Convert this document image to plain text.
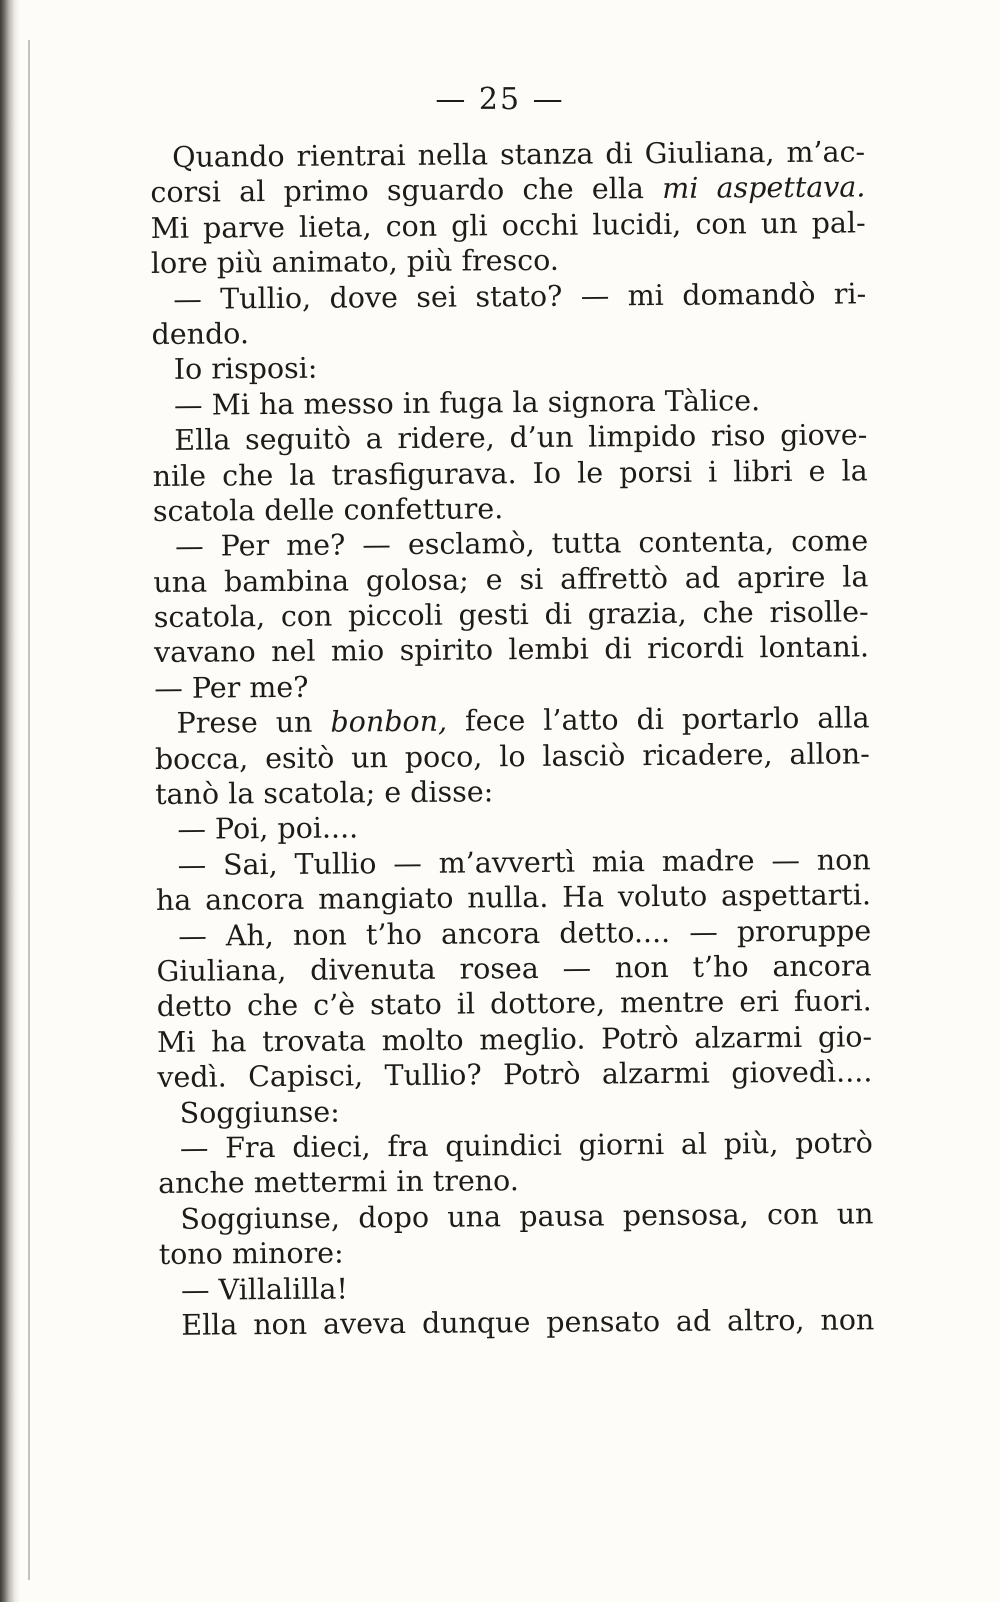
— 25 —
Quando rientrai nella stanza di Giuliana, m’ac-
corsi al primo sguardo che ella mi aspettava.
Mi parve lieta, con gli occhi lucidi, con un pal-
lore più animato, più fresco.
— Tullio, dove sei stato? — mi domandò ri-
dendo.
Io risposi:
— Mi ha messo in fuga la signora Tàlice.
Ella seguitò a ridere, d’un limpido riso giove-
nile che la trasfigurava. Io le porsi i libri e la
scatola delle confetture.
— Per me? — esclamò, tutta contenta, come
una bambina golosa; e si affrettò ad aprire la
scatola, con piccoli gesti di grazia, che risolle-
vavano nel mio spirito lembi di ricordi lontani.
— Per me?
Prese un bonbon, fece l’atto di portarlo alla
bocca, esitò un poco, lo lasciò ricadere, allon-
tanò la scatola; e disse:
— Poi, poi....
— Sai, Tullio — m’avvertì mia madre — non
ha ancora mangiato nulla. Ha voluto aspettarti.
— Ah, non t’ho ancora detto.... — proruppe
Giuliana, divenuta rosea — non t’ho ancora
detto che c’è stato il dottore, mentre eri fuori.
Mi ha trovata molto meglio. Potrò alzarmi gio-
vedì. Capisci, Tullio? Potrò alzarmi giovedì....
Soggiunse:
— Fra dieci, fra quindici giorni al più, potrò
anche mettermi in treno.
Soggiunse, dopo una pausa pensosa, con un
tono minore:
— Villalilla!
Ella non aveva dunque pensato ad altro, non
